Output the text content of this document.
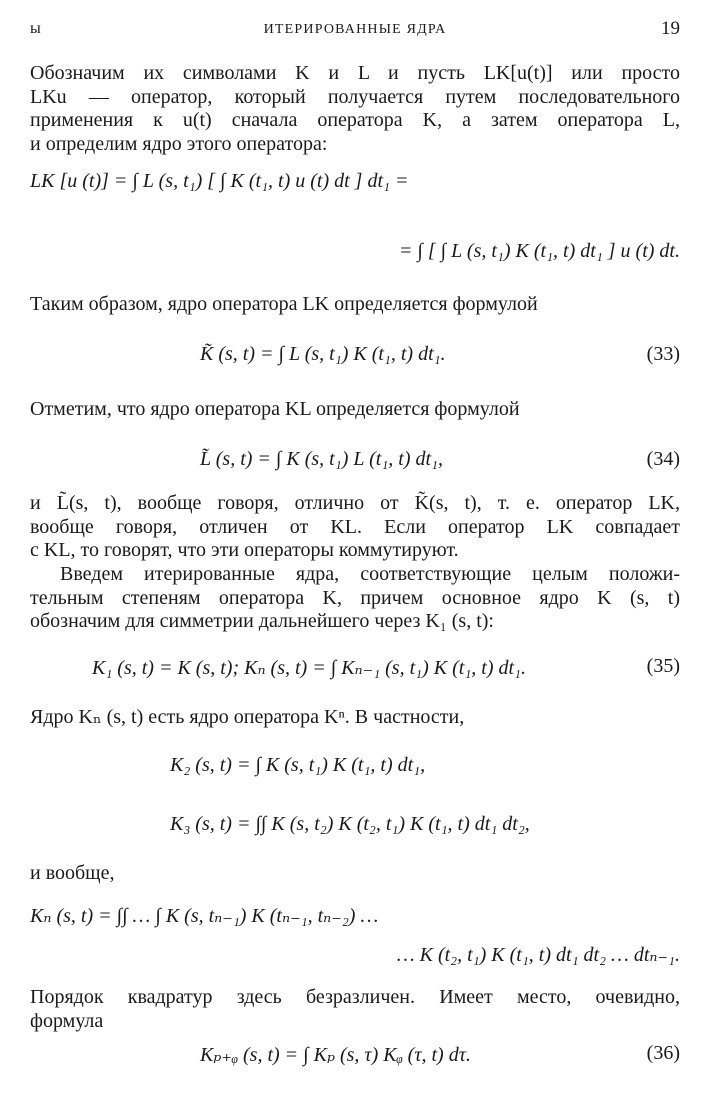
ы	ИТЕРИРОВАННЫЕ ЯДРА	19
Обозначим их символами K и L и пусть LK[u(t)] или просто
LKu — оператор, который получается путем последовательного
применения к u(t) сначала оператора K, а затем оператора L,
и определим ядро этого оператора:
LK [u (t)] = ∫ L (s, t₁) [ ∫ K (t₁, t) u (t) dt ] dt₁ =
= ∫ [ ∫ L (s, t₁) K (t₁, t) dt₁ ] u (t) dt.
Таким образом, ядро оператора LK определяется формулой
K̃ (s, t) = ∫ L (s, t₁) K (t₁, t) dt₁.	(33)
Отметим, что ядро оператора KL определяется формулой
L̃ (s, t) = ∫ K (s, t₁) L (t₁, t) dt₁,	(34)
и L̃(s, t), вообще говоря, отлично от K̃(s, t), т. е. оператор LK,
вообще говоря, отличен от KL. Если оператор LK совпадает
с KL, то говорят, что эти операторы коммутируют.
Введем итерированные ядра, соответствующие целым положи-
тельным степеням оператора K, причем основное ядро K (s, t)
обозначим для симметрии дальнейшего через K₁ (s, t):
K₁ (s, t) = K (s, t); Kₙ (s, t) = ∫ Kₙ₋₁ (s, t₁) K (t₁, t) dt₁.	(35)
Ядро Kₙ (s, t) есть ядро оператора Kⁿ. В частности,
K₂ (s, t) = ∫ K (s, t₁) K (t₁, t) dt₁,
K₃ (s, t) = ∫∫ K (s, t₂) K (t₂, t₁) K (t₁, t) dt₁ dt₂,
и вообще,
Kₙ (s, t) = ∫∫ … ∫ K (s, tₙ₋₁) K (tₙ₋₁, tₙ₋₂) …
… K (t₂, t₁) K (t₁, t) dt₁ dt₂ … dtₙ₋₁.
Порядок квадратур здесь безразличен. Имеет место, очевидно,
формула
Kₚ₊ᵩ (s, t) = ∫ Kₚ (s, τ) Kᵩ (τ, t) dτ.	(36)
